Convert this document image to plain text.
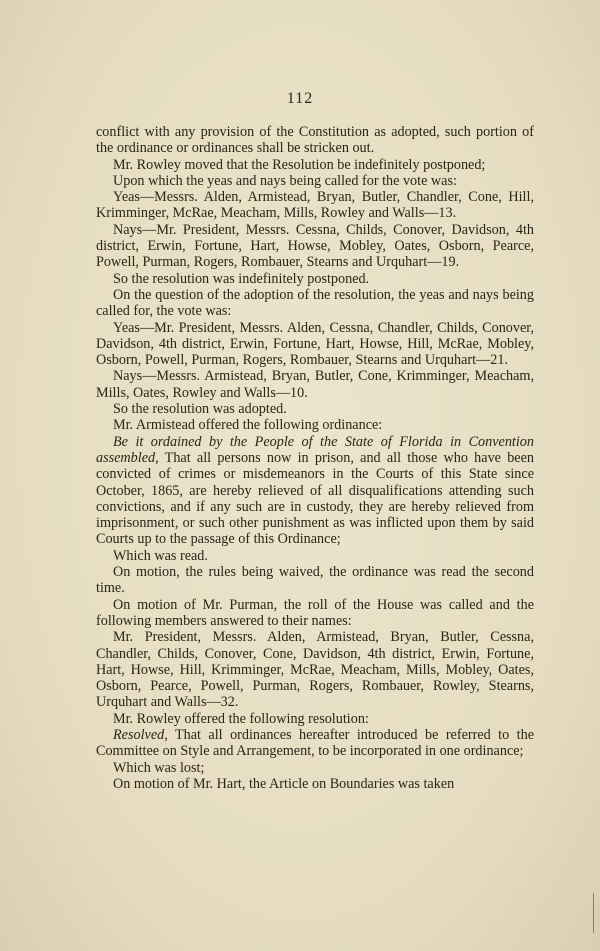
112

conflict with any provision of the Constitution as adopted, such portion of the ordinance or ordinances shall be stricken out.

Mr. Rowley moved that the Resolution be indefinitely postponed;

Upon which the yeas and nays being called for the vote was:

Yeas—Messrs. Alden, Armistead, Bryan, Butler, Chandler, Cone, Hill, Krimminger, McRae, Meacham, Mills, Rowley and Walls—13.

Nays—Mr. President, Messrs. Cessna, Childs, Conover, Davidson, 4th district, Erwin, Fortune, Hart, Howse, Mobley, Oates, Osborn, Pearce, Powell, Purman, Rogers, Rombauer, Stearns and Urquhart—19.

So the resolution was indefinitely postponed.

On the question of the adoption of the resolution, the yeas and nays being called for, the vote was:

Yeas—Mr. President, Messrs. Alden, Cessna, Chandler, Childs, Conover, Davidson, 4th district, Erwin, Fortune, Hart, Howse, Hill, McRae, Mobley, Osborn, Powell, Purman, Rogers, Rombauer, Stearns and Urquhart—21.

Nays—Messrs. Armistead, Bryan, Butler, Cone, Krimminger, Meacham, Mills, Oates, Rowley and Walls—10.

So the resolution was adopted.

Mr. Armistead offered the following ordinance:

Be it ordained by the People of the State of Florida in Convention assembled, That all persons now in prison, and all those who have been convicted of crimes or misdemeanors in the Courts of this State since October, 1865, are hereby relieved of all disqualifications attending such convictions, and if any such are in custody, they are hereby relieved from imprisonment, or such other punishment as was inflicted upon them by said Courts up to the passage of this Ordinance;

Which was read.

On motion, the rules being waived, the ordinance was read the second time.

On motion of Mr. Purman, the roll of the House was called and the following members answered to their names:

Mr. President, Messrs. Alden, Armistead, Bryan, Butler, Cessna, Chandler, Childs, Conover, Cone, Davidson, 4th district, Erwin, Fortune, Hart, Howse, Hill, Krimminger, McRae, Meacham, Mills, Mobley, Oates, Osborn, Pearce, Powell, Purman, Rogers, Rombauer, Rowley, Stearns, Urquhart and Walls—32.

Mr. Rowley offered the following resolution:

Resolved, That all ordinances hereafter introduced be referred to the Committee on Style and Arrangement, to be incorporated in one ordinance;

Which was lost;

On motion of Mr. Hart, the Article on Boundaries was taken
